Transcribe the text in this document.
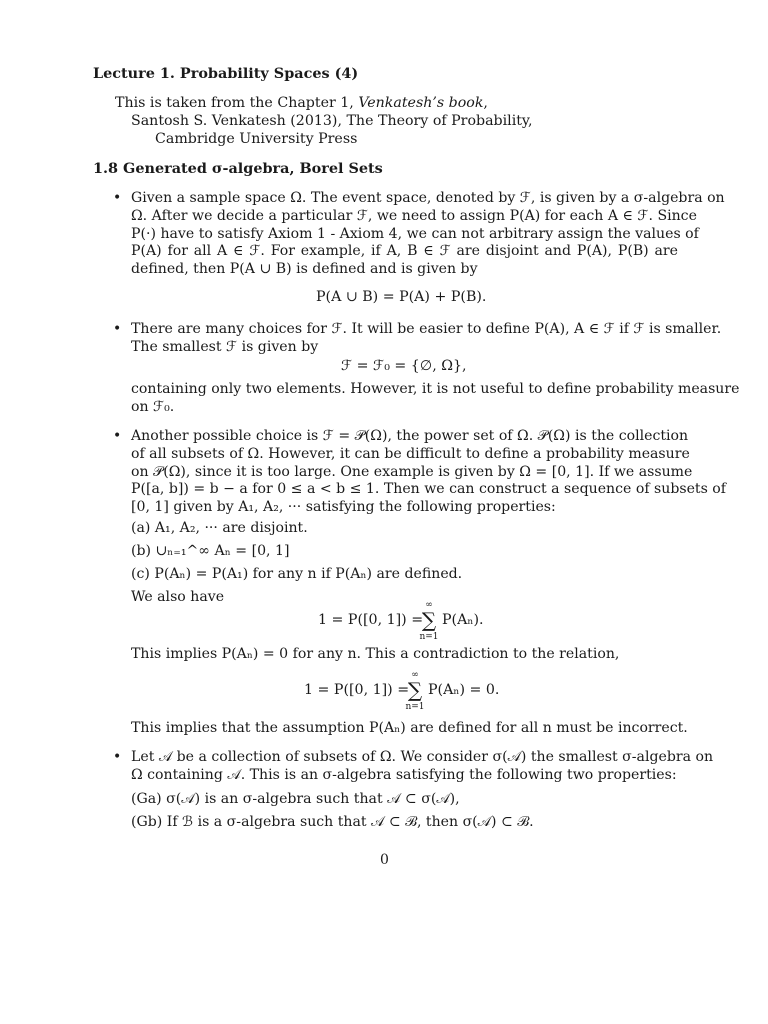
Lecture 1. Probability Spaces (4)
This is taken from the Chapter 1, Venkatesh’s book,
Santosh S. Venkatesh (2013), The Theory of Probability,
Cambridge University Press
1.8 Generated σ-algebra, Borel Sets
• Given a sample space Ω. The event space, denoted by ℱ, is given by a σ-algebra on
Ω. After we decide a particular ℱ, we need to assign P(A) for each A ∈ ℱ. Since
P(·) have to satisfy Axiom 1 - Axiom 4, we can not arbitrary assign the values of
P(A) for all A ∈ ℱ. For example, if A, B ∈ ℱ are disjoint and P(A), P(B) are
defined, then P(A ∪ B) is defined and is given by
P(A ∪ B) = P(A) + P(B).
• There are many choices for ℱ. It will be easier to define P(A), A ∈ ℱ if ℱ is smaller.
The smallest ℱ is given by
ℱ = ℱ₀ = {∅, Ω},
containing only two elements. However, it is not useful to define probability measure
on ℱ₀.
• Another possible choice is ℱ = 𝒫(Ω), the power set of Ω. 𝒫(Ω) is the collection
of all subsets of Ω. However, it can be difficult to define a probability measure
on 𝒫(Ω), since it is too large. One example is given by Ω = [0, 1]. If we assume
P([a, b]) = b − a for 0 ≤ a < b ≤ 1. Then we can construct a sequence of subsets of
[0, 1] given by A₁, A₂, ··· satisfying the following properties:
(a) A₁, A₂, ··· are disjoint.
(b) ∪ₙ₌₁^∞ Aₙ = [0, 1]
(c) P(Aₙ) = P(A₁) for any n if P(Aₙ) are defined.
We also have
1 = P([0, 1]) =
∞
∑
n=1
P(Aₙ).
This implies P(Aₙ) = 0 for any n. This a contradiction to the relation,
1 = P([0, 1]) =
∞
∑
n=1
P(Aₙ) = 0.
This implies that the assumption P(Aₙ) are defined for all n must be incorrect.
• Let 𝒜 be a collection of subsets of Ω. We consider σ(𝒜) the smallest σ-algebra on
Ω containing 𝒜. This is an σ-algebra satisfying the following two properties:
(Ga) σ(𝒜) is an σ-algebra such that 𝒜 ⊂ σ(𝒜),
(Gb) If ℬ is a σ-algebra such that 𝒜 ⊂ ℬ, then σ(𝒜) ⊂ ℬ.
0
